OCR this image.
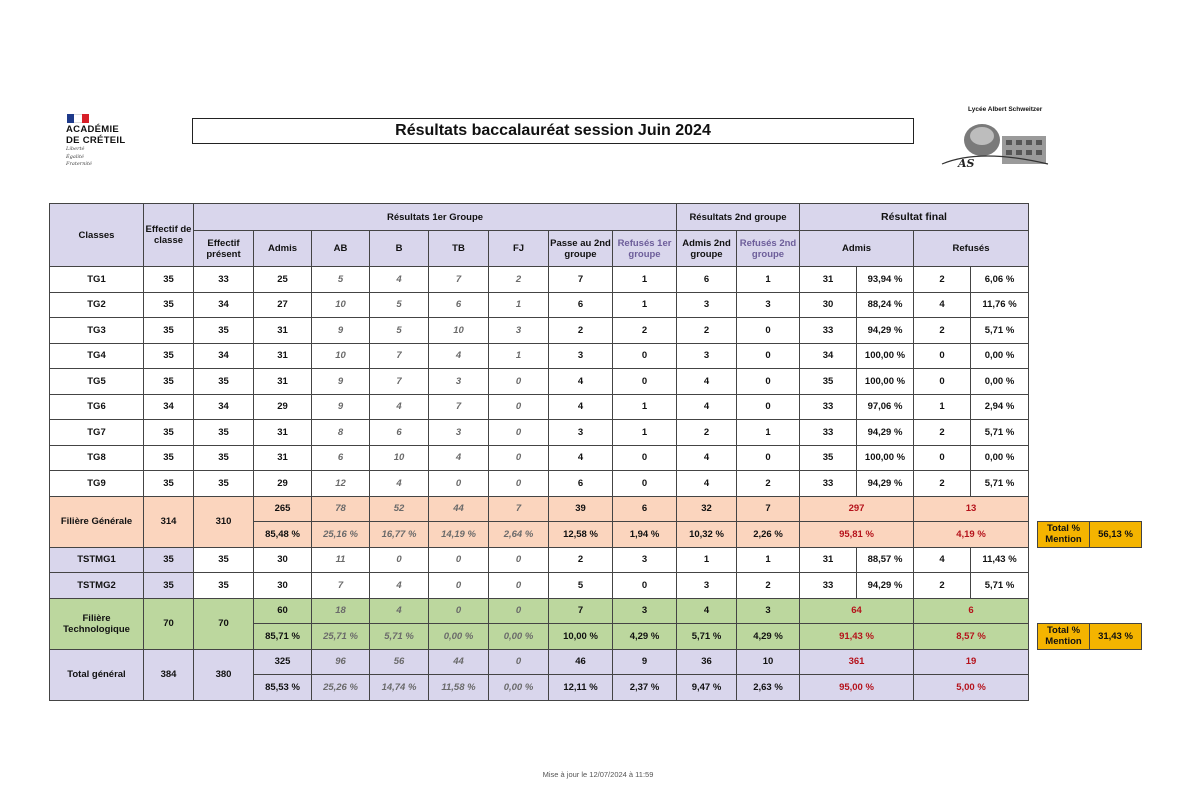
ACADÉMIE
DE CRÉTEIL
Liberté
Égalité
Fraternité
Résultats baccalauréat session Juin 2024
Lycée Albert Schweitzer
AS
Classes	Effectif de classe	Résultats 1er Groupe								Résultats 2nd groupe		Résultat final						
		Effectif présent	Admis	AB	B	TB	FJ	Passe au 2nd groupe	Refusés 1er groupe	Admis 2nd groupe	Refusés 2nd groupe	Admis		Refusés				
TG1	35	33	25	5	4	7	2	7	1	6	1	31	93,94 %	2	6,06 %			
TG2	35	34	27	10	5	6	1	6	1	3	3	30	88,24 %	4	11,76 %			
TG3	35	35	31	9	5	10	3	2	2	2	0	33	94,29 %	2	5,71 %			
TG4	35	34	31	10	7	4	1	3	0	3	0	34	100,00 %	0	0,00 %			
TG5	35	35	31	9	7	3	0	4	0	4	0	35	100,00 %	0	0,00 %			
TG6	34	34	29	9	4	7	0	4	1	4	0	33	97,06 %	1	2,94 %			
TG7	35	35	31	8	6	3	0	3	1	2	1	33	94,29 %	2	5,71 %			
TG8	35	35	31	6	10	4	0	4	0	4	0	35	100,00 %	0	0,00 %			
TG9	35	35	29	12	4	0	0	6	0	4	2	33	94,29 %	2	5,71 %			
Filière Générale	314	310	265	78	52	44	7	39	6	32	7	297		13				
			85,48 %	25,16 %	16,77 %	14,19 %	2,64 %	12,58 %	1,94 %	10,32 %	2,26 %	95,81 %		4,19 %			Total % Mention	56,13 %
TSTMG1	35	35	30	11	0	0	0	2	3	1	1	31	88,57 %	4	11,43 %			
TSTMG2	35	35	30	7	4	0	0	5	0	3	2	33	94,29 %	2	5,71 %			
Filière Technologique	70	70	60	18	4	0	0	7	3	4	3	64		6				
			85,71 %	25,71 %	5,71 %	0,00 %	0,00 %	10,00 %	4,29 %	5,71 %	4,29 %	91,43 %		8,57 %			Total % Mention	31,43 %
Total général	384	380	325	96	56	44	0	46	9	36	10	361		19				
			85,53 %	25,26 %	14,74 %	11,58 %	0,00 %	12,11 %	2,37 %	9,47 %	2,63 %	95,00 %		5,00 %				
Mise à jour le 12/07/2024 à 11:59
